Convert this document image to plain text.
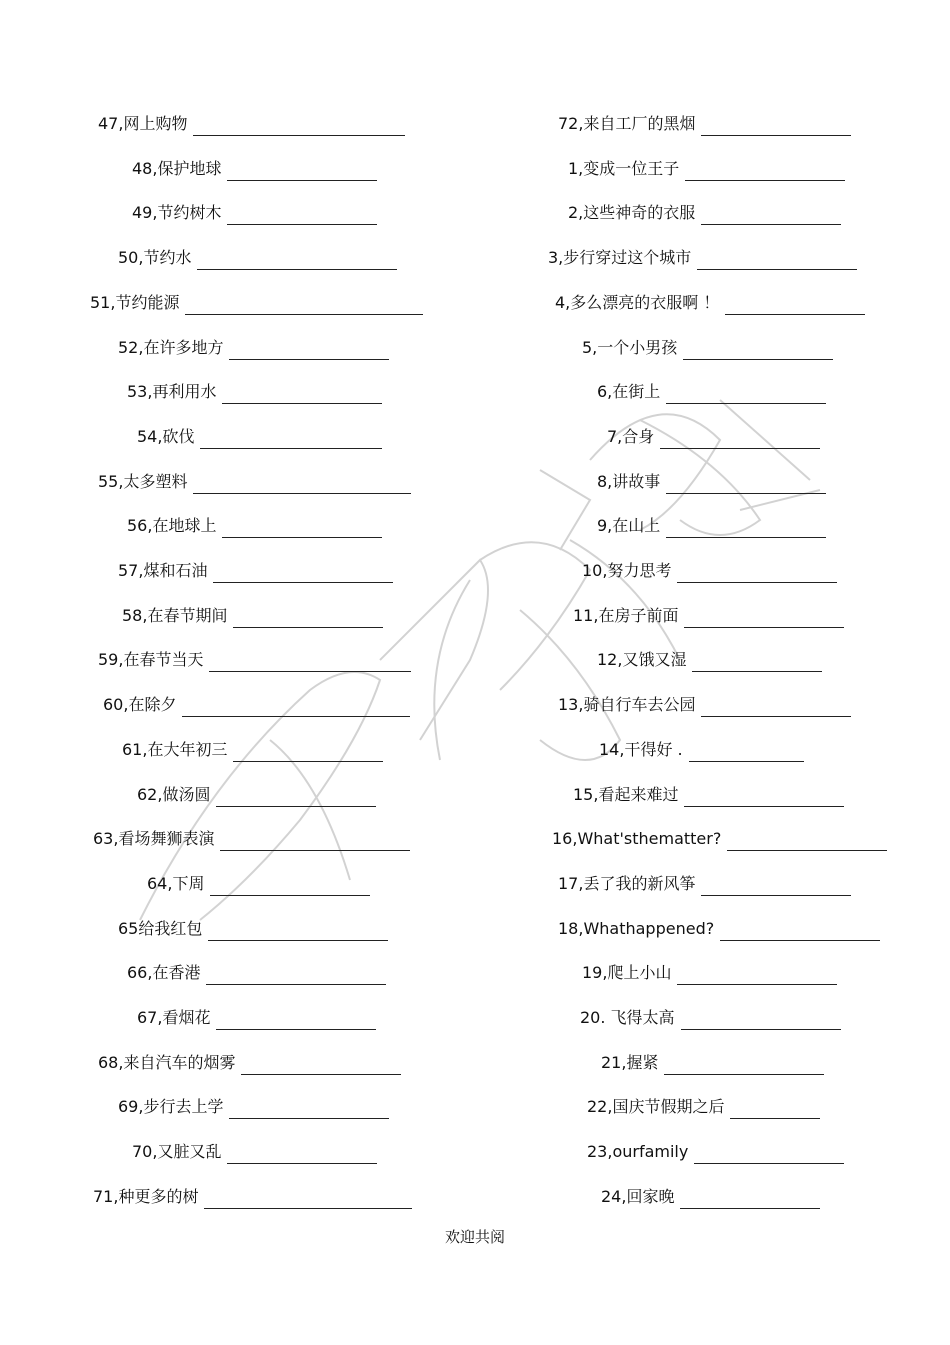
47,网上购物
48,保护地球
49,节约树木
50,节约水
51,节约能源
52,在许多地方
53,再利用水
54,砍伐
55,太多塑料
56,在地球上
57,煤和石油
58,在春节期间
59,在春节当天
60,在除夕
61,在大年初三
62,做汤圆
63,看场舞狮表演
64,下周
65给我红包
66,在香港
67,看烟花
68,来自汽车的烟雾
69,步行去上学
70,又脏又乱
71,种更多的树
72,来自工厂的黑烟
1,变成一位王子
2,这些神奇的衣服
3,步行穿过这个城市
4,多么漂亮的衣服啊 ！
5,一个小男孩
6,在街上
7,合身
8,讲故事
9,在山上
10,努力思考
11,在房子前面
12,又饿又湿
13,骑自行车去公园
14,干得好 .
15,看起来难过
16,What'sthematter?
17,丢了我的新风筝
18,Whathappened?
19,爬上小山
20. 飞得太高
21,握紧
22,国庆节假期之后
23,ourfamily
24,回家晚
欢迎共阅
